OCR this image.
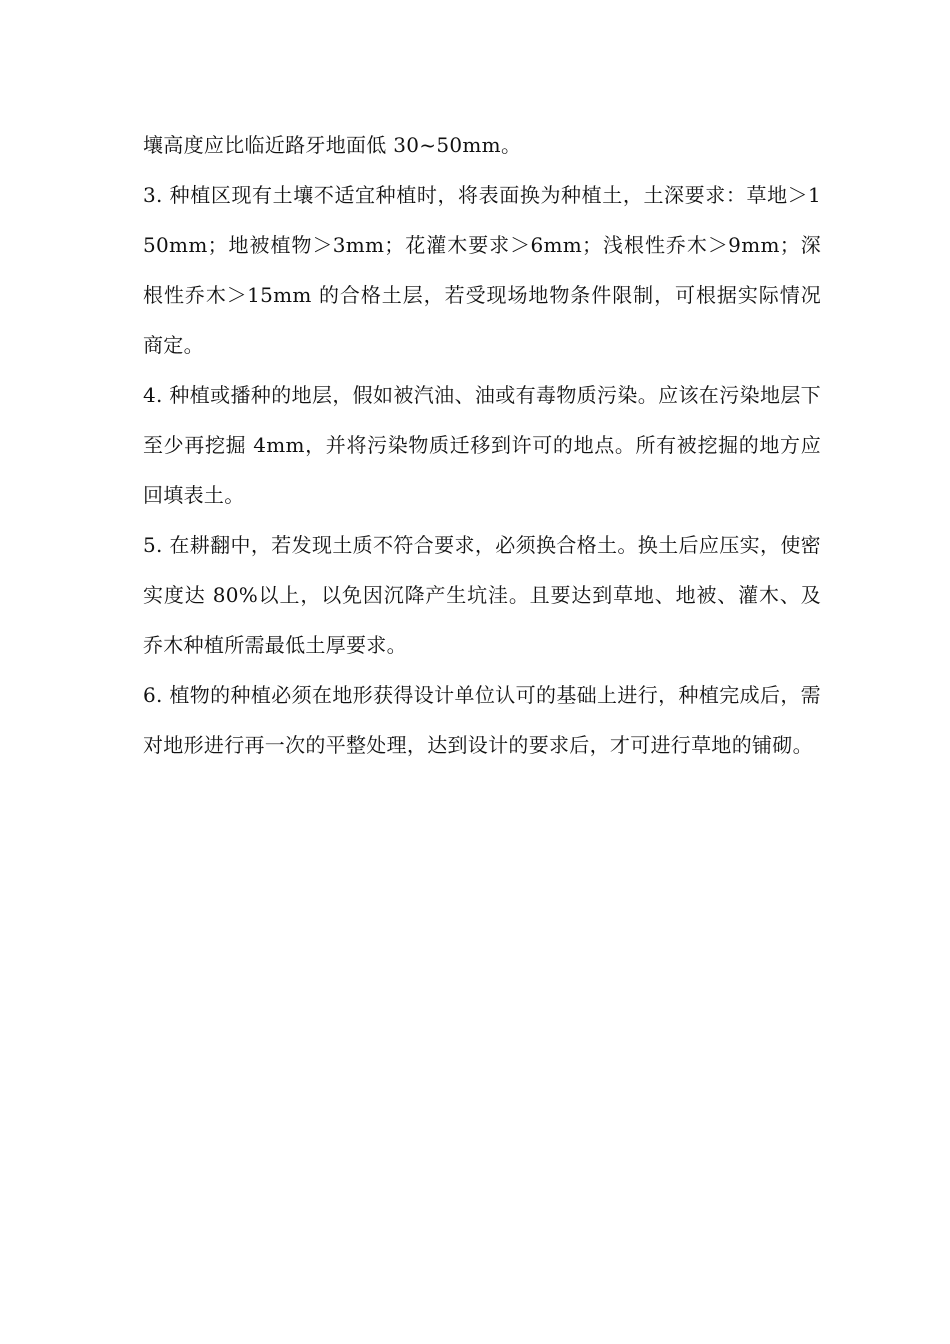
壤高度应比临近路牙地面低 30~50mm。

3. 种植区现有土壤不适宜种植时，将表面换为种植土，土深要求：草地＞150mm；地被植物＞3mm；花灌木要求＞6mm；浅根性乔木＞9mm；深根性乔木＞15mm 的合格土层，若受现场地物条件限制，可根据实际情况商定。

4. 种植或播种的地层，假如被汽油、油或有毒物质污染。应该在污染地层下至少再挖掘 4mm，并将污染物质迁移到许可的地点。所有被挖掘的地方应回填表土。

5. 在耕翻中，若发现土质不符合要求，必须换合格土。换土后应压实，使密实度达 80%以上，以免因沉降产生坑洼。且要达到草地、地被、灌木、及乔木种植所需最低土厚要求。

6. 植物的种植必须在地形获得设计单位认可的基础上进行，种植完成后，需对地形进行再一次的平整处理，达到设计的要求后，才可进行草地的铺砌。
